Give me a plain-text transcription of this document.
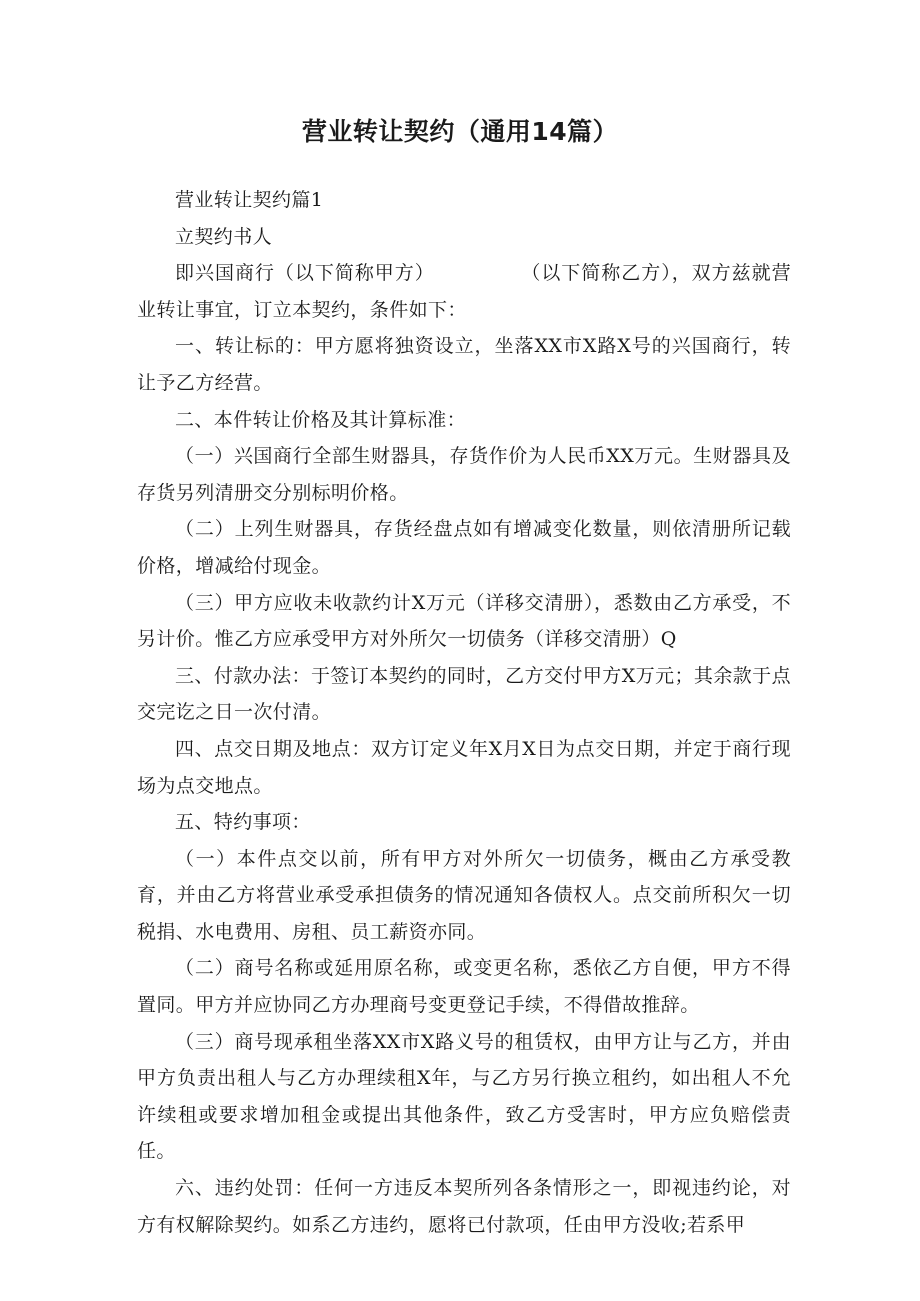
营业转让契约（通用14篇）

营业转让契约篇1

立契约书人

即兴国商行（以下简称甲方）	（以下简称乙方），双方兹就营业转让事宜，订立本契约，条件如下：

一、转让标的：甲方愿将独资设立，坐落XX市X路X号的兴国商行，转让予乙方经营。

二、本件转让价格及其计算标准：

（一）兴国商行全部生财器具，存货作价为人民币XX万元。生财器具及存货另列清册交分别标明价格。

（二）上列生财器具，存货经盘点如有增减变化数量，则依清册所记载价格，增减给付现金。

（三）甲方应收未收款约计X万元（详移交清册），悉数由乙方承受，不另计价。惟乙方应承受甲方对外所欠一切债务（详移交清册）Q

三、付款办法：于签订本契约的同时，乙方交付甲方X万元；其余款于点交完讫之日一次付清。

四、点交日期及地点：双方订定义年X月X日为点交日期，并定于商行现场为点交地点。

五、特约事项：

（一）本件点交以前，所有甲方对外所欠一切债务，概由乙方承受教育，并由乙方将营业承受承担债务的情况通知各债权人。点交前所积欠一切税捐、水电费用、房租、员工薪资亦同。

（二）商号名称或延用原名称，或变更名称，悉依乙方自便，甲方不得置同。甲方并应协同乙方办理商号变更登记手续，不得借故推辞。

（三）商号现承租坐落XX市X路义号的租赁权，由甲方让与乙方，并由甲方负责出租人与乙方办理续租X年，与乙方另行换立租约，如出租人不允许续租或要求增加租金或提出其他条件，致乙方受害时，甲方应负赔偿责任。

六、违约处罚：任何一方违反本契所列各条情形之一，即视违约论，对方有权解除契约。如系乙方违约，愿将已付款项，任由甲方没收;若系甲
